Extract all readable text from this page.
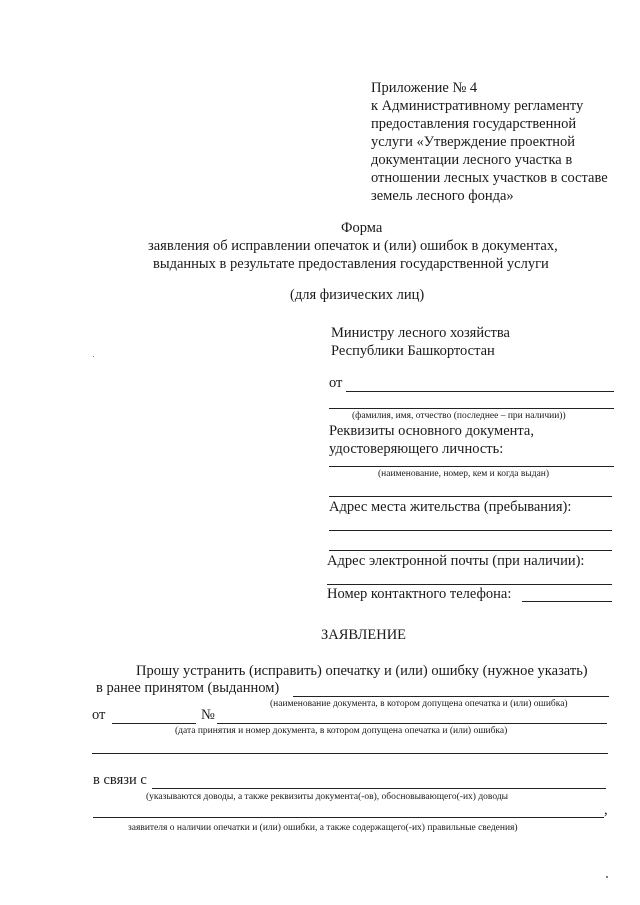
Приложение № 4
к Административному регламенту
предоставления государственной
услуги «Утверждение проектной
документации лесного участка в
отношении лесных участков в составе
земель лесного фонда»
Форма
заявления об исправлении опечаток и (или) ошибок в документах,
выданных в результате предоставления государственной услуги
(для физических лиц)
Министру лесного хозяйства
Республики Башкортостан
от
(фамилия, имя, отчество (последнее – при наличии))
Реквизиты основного документа,
удостоверяющего личность:
(наименование, номер, кем и когда выдан)
Адрес места жительства (пребывания):
Адрес электронной почты (при наличии):
Номер контактного телефона:
ЗАЯВЛЕНИЕ
Прошу устранить (исправить) опечатку и (или) ошибку (нужное указать)
в ранее принятом (выданном)
(наименование документа, в котором допущена опечатка и (или) ошибка)
от	№
(дата принятия и номер документа, в котором допущена опечатка и (или) ошибка)
в связи с
(указываются доводы, а также реквизиты документа(-ов), обосновывающего(-их) доводы
,
заявителя о наличии опечатки и (или) ошибки, а также содержащего(-их) правильные сведения)
